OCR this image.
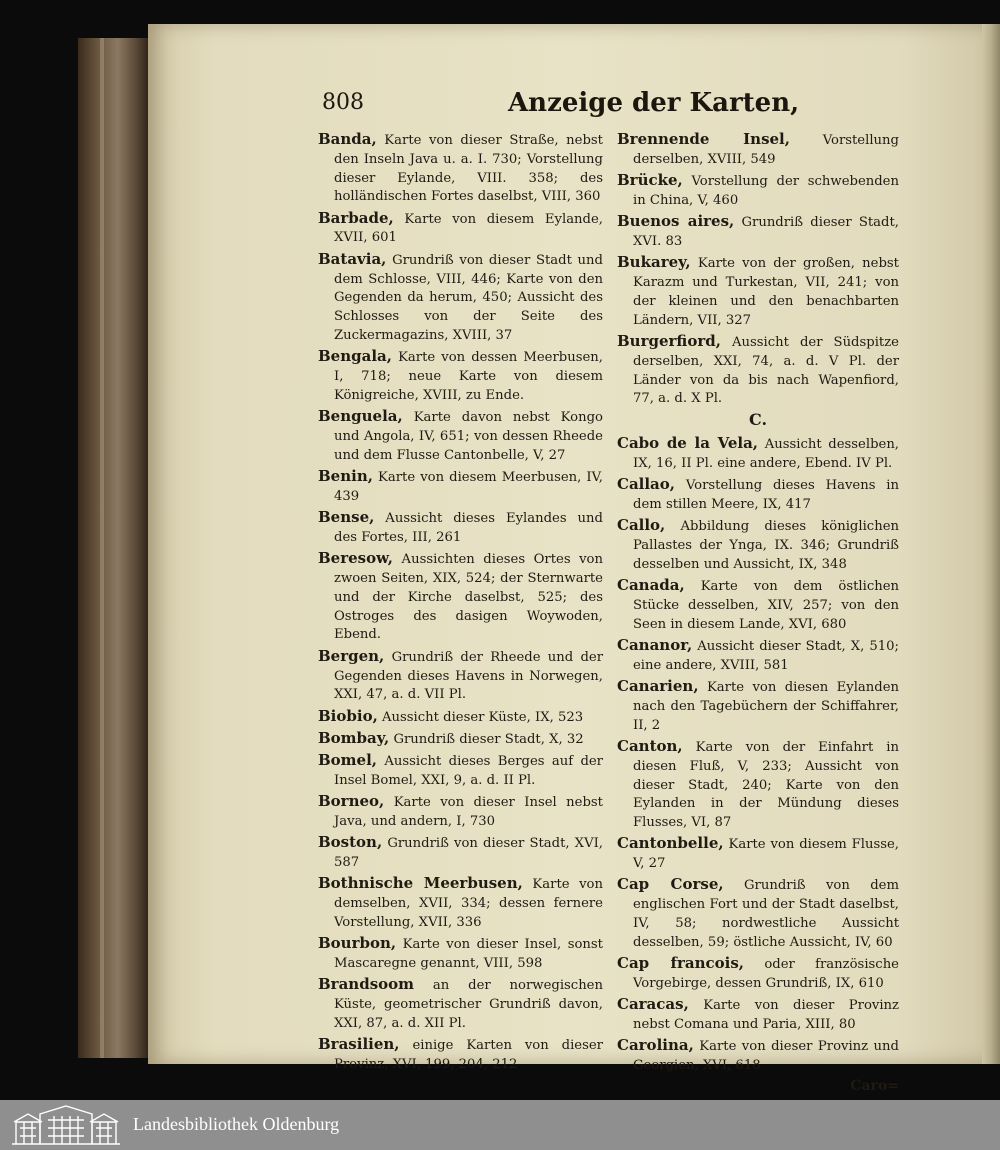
808	Anzeige der Karten,

Banda, Karte von dieser Straße, nebst den Inseln Java u. a. I. 730; Vorstellung dieser Eylande, VIII. 358; des holländischen Fortes daselbst, VIII, 360

Barbade, Karte von diesem Eylande, XVII, 601

Batavia, Grundriß von dieser Stadt und dem Schlosse, VIII, 446; Karte von den Gegenden da herum, 450; Aussicht des Schlosses von der Seite des Zuckermagazins, XVIII, 37

Bengala, Karte von dessen Meerbusen, I, 718; neue Karte von diesem Königreiche, XVIII, zu Ende.

Benguela, Karte davon nebst Kongo und Angola, IV, 651; von dessen Rheede und dem Flusse Cantonbelle, V, 27

Benin, Karte von diesem Meerbusen, IV, 439

Bense, Aussicht dieses Eylandes und des Fortes, III, 261

Beresow, Aussichten dieses Ortes von zwoen Seiten, XIX, 524; der Sternwarte und der Kirche daselbst, 525; des Ostroges des dasigen Woywoden, Ebend.

Bergen, Grundriß der Rheede und der Gegenden dieses Havens in Norwegen, XXI, 47, a. d. VII Pl.

Biobio, Aussicht dieser Küste, IX, 523

Bombay, Grundriß dieser Stadt, X, 32

Bomel, Aussicht dieses Berges auf der Insel Bomel, XXI, 9, a. d. II Pl.

Borneo, Karte von dieser Insel nebst Java, und andern, I, 730

Boston, Grundriß von dieser Stadt, XVI, 587

Bothnische Meerbusen, Karte von demselben, XVII, 334; dessen fernere Vorstellung, XVII, 336

Bourbon, Karte von dieser Insel, sonst Mascaregne genannt, VIII, 598

Brandsoom an der norwegischen Küste, geometrischer Grundriß davon, XXI, 87, a. d. XII Pl.

Brasilien, einige Karten von dieser Provinz, XVI, 199, 204, 212

Brennende Insel, Vorstellung derselben, XVIII, 549

Brücke, Vorstellung der schwebenden in China, V, 460

Buenos aires, Grundriß dieser Stadt, XVI. 83

Bukarey, Karte von der großen, nebst Karazm und Turkestan, VII, 241; von der kleinen und den benachbarten Ländern, VII, 327

Burgerfiord, Aussicht der Südspitze derselben, XXI, 74, a. d. V Pl. der Länder von da bis nach Wapenfiord, 77, a. d. X Pl.

C.

Cabo de la Vela, Aussicht desselben, IX, 16, II Pl. eine andere, Ebend. IV Pl.

Callao, Vorstellung dieses Havens in dem stillen Meere, IX, 417

Callo, Abbildung dieses königlichen Pallastes der Ynga, IX. 346; Grundriß desselben und Aussicht, IX, 348

Canada, Karte von dem östlichen Stücke desselben, XIV, 257; von den Seen in diesem Lande, XVI, 680

Cananor, Aussicht dieser Stadt, X, 510; eine andere, XVIII, 581

Canarien, Karte von diesen Eylanden nach den Tagebüchern der Schiffahrer, II, 2

Canton, Karte von der Einfahrt in diesen Fluß, V, 233; Aussicht von dieser Stadt, 240; Karte von den Eylanden in der Mündung dieses Flusses, VI, 87

Cantonbelle, Karte von diesem Flusse, V, 27

Cap Corse, Grundriß von dem englischen Fort und der Stadt daselbst, IV, 58; nordwestliche Aussicht desselben, 59; östliche Aussicht, IV, 60

Cap francois, oder französische Vorgebirge, dessen Grundriß, IX, 610

Caracas, Karte von dieser Provinz nebst Comana und Paria, XIII, 80

Carolina, Karte von dieser Provinz und Georgien, XVI, 618

Caro=
Landesbibliothek Oldenburg
